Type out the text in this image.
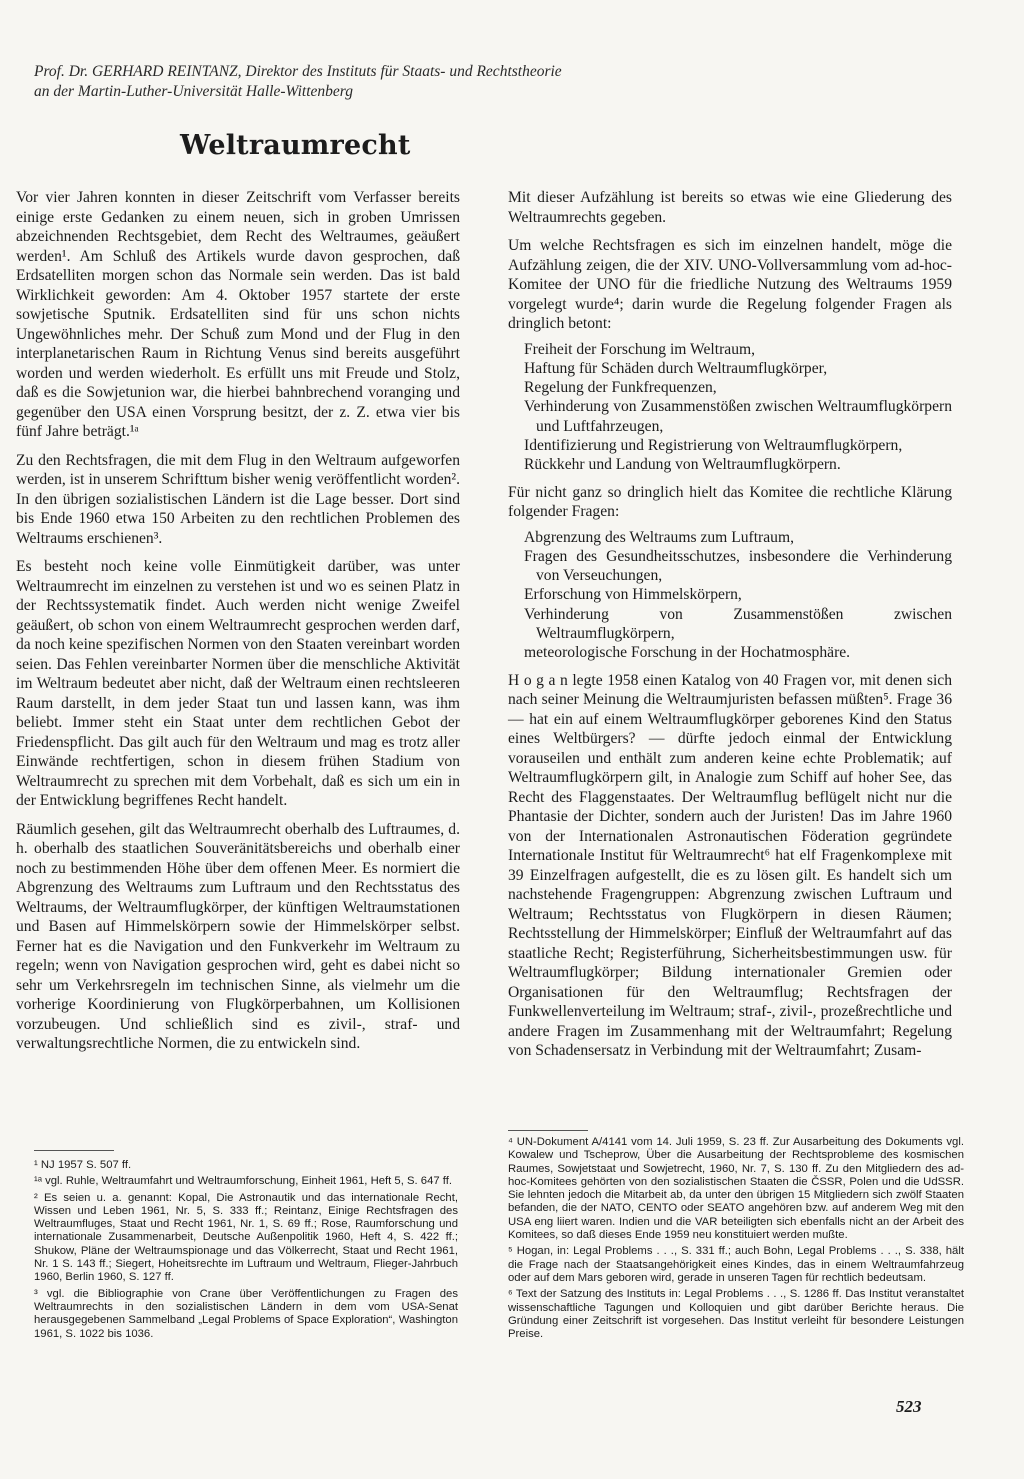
Prof. Dr. GERHARD REINTANZ, Direktor des Instituts für Staats- und Rechtstheorie
an der Martin-Luther-Universität Halle-Wittenberg
Weltraumrecht

Vor vier Jahren konnten in dieser Zeitschrift vom Verfasser bereits einige erste Gedanken zu einem neuen, sich in groben Umrissen abzeichnenden Rechtsgebiet, dem Recht des Weltraumes, geäußert werden¹. Am Schluß des Artikels wurde davon gesprochen, daß Erdsatelliten morgen schon das Normale sein werden. Das ist bald Wirklichkeit geworden: Am 4. Oktober 1957 startete der erste sowjetische Sputnik. Erdsatelliten sind für uns schon nichts Ungewöhnliches mehr. Der Schuß zum Mond und der Flug in den interplanetarischen Raum in Richtung Venus sind bereits ausgeführt worden und werden wiederholt. Es erfüllt uns mit Freude und Stolz, daß es die Sowjetunion war, die hierbei bahnbrechend voranging und gegenüber den USA einen Vorsprung besitzt, der z. Z. etwa vier bis fünf Jahre beträgt.¹ᵃ

Zu den Rechtsfragen, die mit dem Flug in den Weltraum aufgeworfen werden, ist in unserem Schrifttum bisher wenig veröffentlicht worden². In den übrigen sozialistischen Ländern ist die Lage besser. Dort sind bis Ende 1960 etwa 150 Arbeiten zu den rechtlichen Problemen des Weltraums erschienen³.

Es besteht noch keine volle Einmütigkeit darüber, was unter Weltraumrecht im einzelnen zu verstehen ist und wo es seinen Platz in der Rechtssystematik findet. Auch werden nicht wenige Zweifel geäußert, ob schon von einem Weltraumrecht gesprochen werden darf, da noch keine spezifischen Normen von den Staaten vereinbart worden seien. Das Fehlen vereinbarter Normen über die menschliche Aktivität im Weltraum bedeutet aber nicht, daß der Weltraum einen rechtsleeren Raum darstellt, in dem jeder Staat tun und lassen kann, was ihm beliebt. Immer steht ein Staat unter dem rechtlichen Gebot der Friedenspflicht. Das gilt auch für den Weltraum und mag es trotz aller Einwände rechtfertigen, schon in diesem frühen Stadium von Weltraumrecht zu sprechen mit dem Vorbehalt, daß es sich um ein in der Entwicklung begriffenes Recht handelt.

Räumlich gesehen, gilt das Weltraumrecht oberhalb des Luftraumes, d. h. oberhalb des staatlichen Souveränitätsbereichs und oberhalb einer noch zu bestimmenden Höhe über dem offenen Meer. Es normiert die Abgrenzung des Weltraums zum Luftraum und den Rechtsstatus des Weltraums, der Weltraumflugkörper, der künftigen Weltraumstationen und Basen auf Himmelskörpern sowie der Himmelskörper selbst. Ferner hat es die Navigation und den Funkverkehr im Weltraum zu regeln; wenn von Navigation gesprochen wird, geht es dabei nicht so sehr um Verkehrsregeln im technischen Sinne, als vielmehr um die vorherige Koordinierung von Flugkörperbahnen, um Kollisionen vorzubeugen. Und schließlich sind es zivil-, straf- und verwaltungsrechtliche Normen, die zu entwickeln sind.

Mit dieser Aufzählung ist bereits so etwas wie eine Gliederung des Weltraumrechts gegeben.

Um welche Rechtsfragen es sich im einzelnen handelt, möge die Aufzählung zeigen, die der XIV. UNO-Vollversammlung vom ad-hoc-Komitee der UNO für die friedliche Nutzung des Weltraums 1959 vorgelegt wurde⁴; darin wurde die Regelung folgender Fragen als dringlich betont:

Freiheit der Forschung im Weltraum,
Haftung für Schäden durch Weltraumflugkörper,
Regelung der Funkfrequenzen,
Verhinderung von Zusammenstößen zwischen Weltraumflugkörpern und Luftfahrzeugen,
Identifizierung und Registrierung von Weltraumflugkörpern,
Rückkehr und Landung von Weltraumflugkörpern.

Für nicht ganz so dringlich hielt das Komitee die rechtliche Klärung folgender Fragen:

Abgrenzung des Weltraums zum Luftraum,
Fragen des Gesundheitsschutzes, insbesondere die Verhinderung von Verseuchungen,
Erforschung von Himmelskörpern,
Verhinderung von Zusammenstößen zwischen Weltraumflugkörpern,
meteorologische Forschung in der Hochatmosphäre.

H o g a n legte 1958 einen Katalog von 40 Fragen vor, mit denen sich nach seiner Meinung die Weltraumjuristen befassen müßten⁵. Frage 36 — hat ein auf einem Weltraumflugkörper geborenes Kind den Status eines Weltbürgers? — dürfte jedoch einmal der Entwicklung vorauseilen und enthält zum anderen keine echte Problematik; auf Weltraumflugkörpern gilt, in Analogie zum Schiff auf hoher See, das Recht des Flaggenstaates. Der Weltraumflug beflügelt nicht nur die Phantasie der Dichter, sondern auch der Juristen! Das im Jahre 1960 von der Internationalen Astronautischen Föderation gegründete Internationale Institut für Weltraumrecht⁶ hat elf Fragenkomplexe mit 39 Einzelfragen aufgestellt, die es zu lösen gilt. Es handelt sich um nachstehende Fragengruppen: Abgrenzung zwischen Luftraum und Weltraum; Rechtsstatus von Flugkörpern in diesen Räumen; Rechtsstellung der Himmelskörper; Einfluß der Weltraumfahrt auf das staatliche Recht; Registerführung, Sicherheitsbestimmungen usw. für Weltraumflugkörper; Bildung internationaler Gremien oder Organisationen für den Weltraumflug; Rechtsfragen der Funkwellenverteilung im Weltraum; straf-, zivil-, prozeßrechtliche und andere Fragen im Zusammenhang mit der Weltraumfahrt; Regelung von Schadensersatz in Verbindung mit der Weltraumfahrt; Zusam-

¹ NJ 1957 S. 507 ff.

¹ᵃ vgl. Ruhle, Weltraumfahrt und Weltraumforschung, Einheit 1961, Heft 5, S. 647 ff.

² Es seien u. a. genannt: Kopal, Die Astronautik und das internationale Recht, Wissen und Leben 1961, Nr. 5, S. 333 ff.; Reintanz, Einige Rechtsfragen des Weltraumfluges, Staat und Recht 1961, Nr. 1, S. 69 ff.; Rose, Raumforschung und internationale Zusammenarbeit, Deutsche Außenpolitik 1960, Heft 4, S. 422 ff.; Shukow, Pläne der Weltraumspionage und das Völkerrecht, Staat und Recht 1961, Nr. 1 S. 143 ff.; Siegert, Hoheitsrechte im Luftraum und Weltraum, Flieger-Jahrbuch 1960, Berlin 1960, S. 127 ff.

³ vgl. die Bibliographie von Crane über Veröffentlichungen zu Fragen des Weltraumrechts in den sozialistischen Ländern in dem vom USA-Senat herausgegebenen Sammelband „Legal Problems of Space Exploration“, Washington 1961, S. 1022 bis 1036.

⁴ UN-Dokument A/4141 vom 14. Juli 1959, S. 23 ff. Zur Ausarbeitung des Dokuments vgl. Kowalew und Tscheprow, Über die Ausarbeitung der Rechtsprobleme des kosmischen Raumes, Sowjetstaat und Sowjetrecht, 1960, Nr. 7, S. 130 ff. Zu den Mitgliedern des ad-hoc-Komitees gehörten von den sozialistischen Staaten die ČSSR, Polen und die UdSSR. Sie lehnten jedoch die Mitarbeit ab, da unter den übrigen 15 Mitgliedern sich zwölf Staaten befanden, die der NATO, CENTO oder SEATO angehören bzw. auf anderem Weg mit den USA eng liiert waren. Indien und die VAR beteiligten sich ebenfalls nicht an der Arbeit des Komitees, so daß dieses Ende 1959 neu konstituiert werden mußte.

⁵ Hogan, in: Legal Problems . . ., S. 331 ff.; auch Bohn, Legal Problems . . ., S. 338, hält die Frage nach der Staatsangehörigkeit eines Kindes, das in einem Weltraumfahrzeug oder auf dem Mars geboren wird, gerade in unseren Tagen für rechtlich bedeutsam.

⁶ Text der Satzung des Instituts in: Legal Problems . . ., S. 1286 ff. Das Institut veranstaltet wissenschaftliche Tagungen und Kolloquien und gibt darüber Berichte heraus. Die Gründung einer Zeitschrift ist vorgesehen. Das Institut verleiht für besondere Leistungen Preise.

523
